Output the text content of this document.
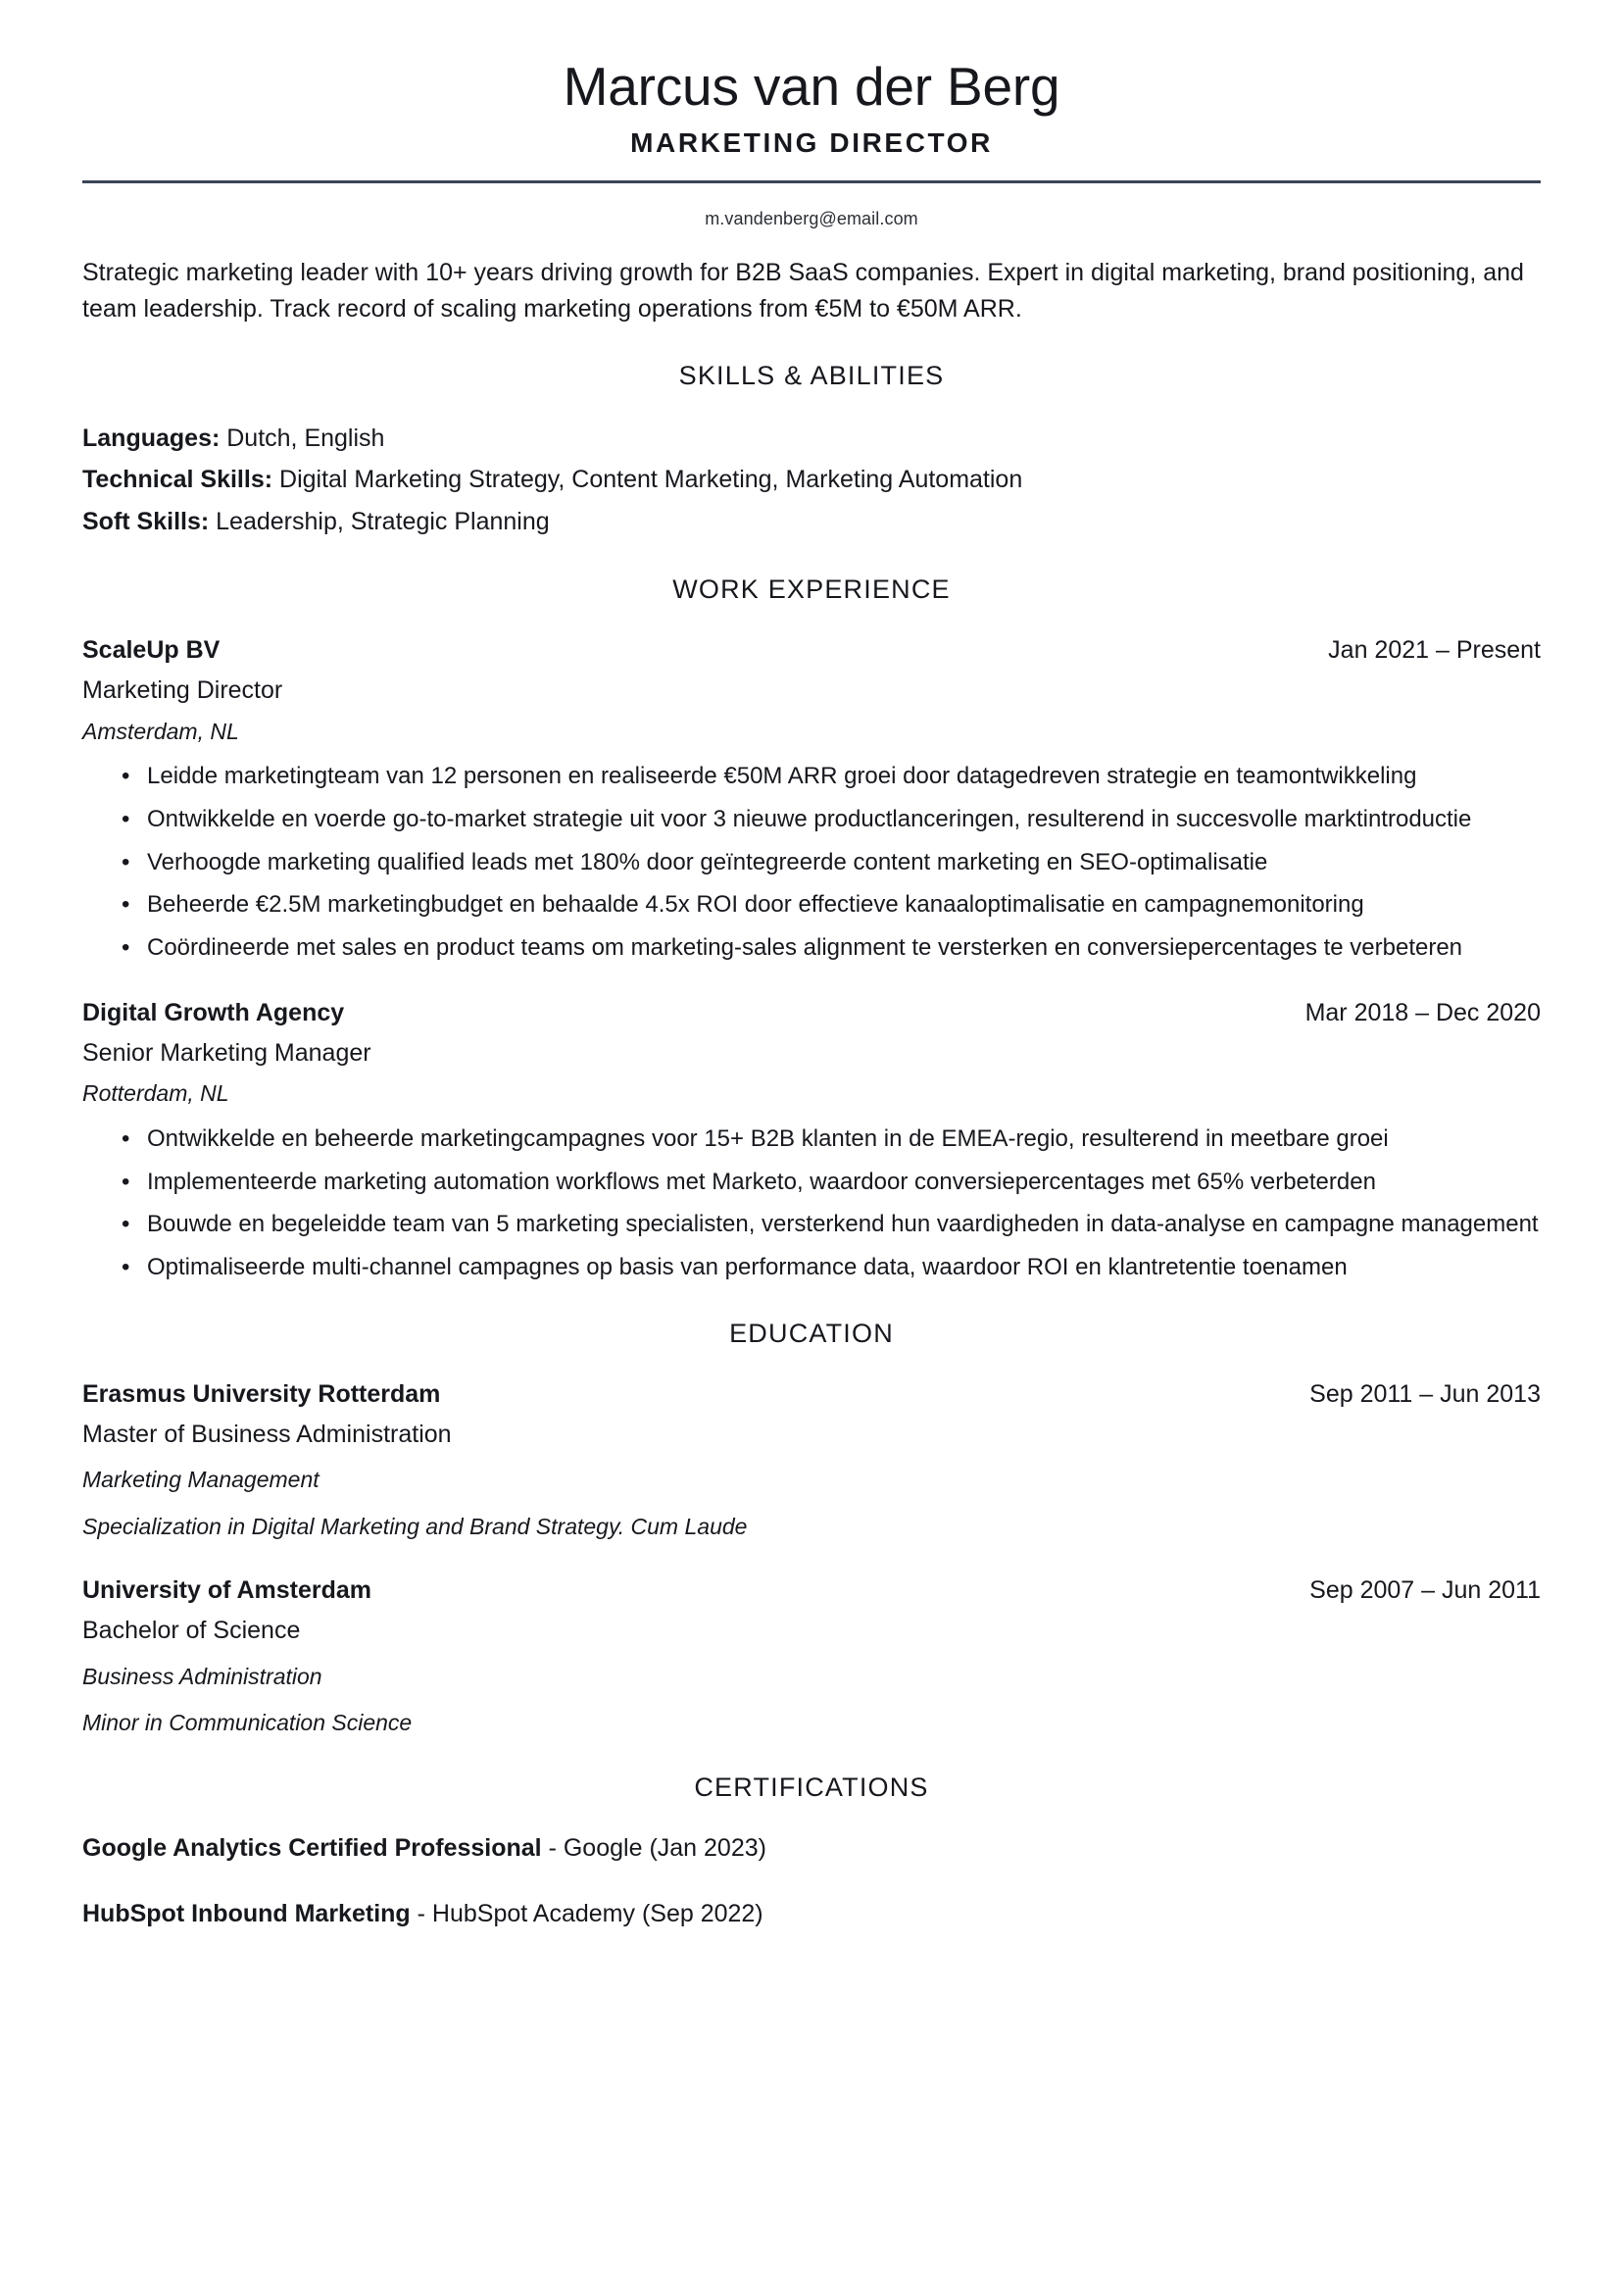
Marcus van der Berg
MARKETING DIRECTOR
m.vandenberg@email.com
Strategic marketing leader with 10+ years driving growth for B2B SaaS companies. Expert in digital marketing, brand positioning, and team leadership. Track record of scaling marketing operations from €5M to €50M ARR.
SKILLS & ABILITIES
Languages: Dutch, English
Technical Skills: Digital Marketing Strategy, Content Marketing, Marketing Automation
Soft Skills: Leadership, Strategic Planning
WORK EXPERIENCE
ScaleUp BV	Jan 2021 – Present
Marketing Director
Amsterdam, NL
• Leidde marketingteam van 12 personen en realiseerde €50M ARR groei door datagedreven strategie en teamontwikkeling
• Ontwikkelde en voerde go-to-market strategie uit voor 3 nieuwe productlanceringen, resulterend in succesvolle marktintroductie
• Verhoogde marketing qualified leads met 180% door geïntegreerde content marketing en SEO-optimalisatie
• Beheerde €2.5M marketingbudget en behaalde 4.5x ROI door effectieve kanaaloptimalisatie en campagnemonitoring
• Coördineerde met sales en product teams om marketing-sales alignment te versterken en conversiepercentages te verbeteren
Digital Growth Agency	Mar 2018 – Dec 2020
Senior Marketing Manager
Rotterdam, NL
• Ontwikkelde en beheerde marketingcampagnes voor 15+ B2B klanten in de EMEA-regio, resulterend in meetbare groei
• Implementeerde marketing automation workflows met Marketo, waardoor conversiepercentages met 65% verbeterden
• Bouwde en begeleidde team van 5 marketing specialisten, versterkend hun vaardigheden in data-analyse en campagne management
• Optimaliseerde multi-channel campagnes op basis van performance data, waardoor ROI en klantretentie toenamen
EDUCATION
Erasmus University Rotterdam	Sep 2011 – Jun 2013
Master of Business Administration
Marketing Management
Specialization in Digital Marketing and Brand Strategy. Cum Laude
University of Amsterdam	Sep 2007 – Jun 2011
Bachelor of Science
Business Administration
Minor in Communication Science
CERTIFICATIONS
Google Analytics Certified Professional - Google (Jan 2023)
HubSpot Inbound Marketing - HubSpot Academy (Sep 2022)
